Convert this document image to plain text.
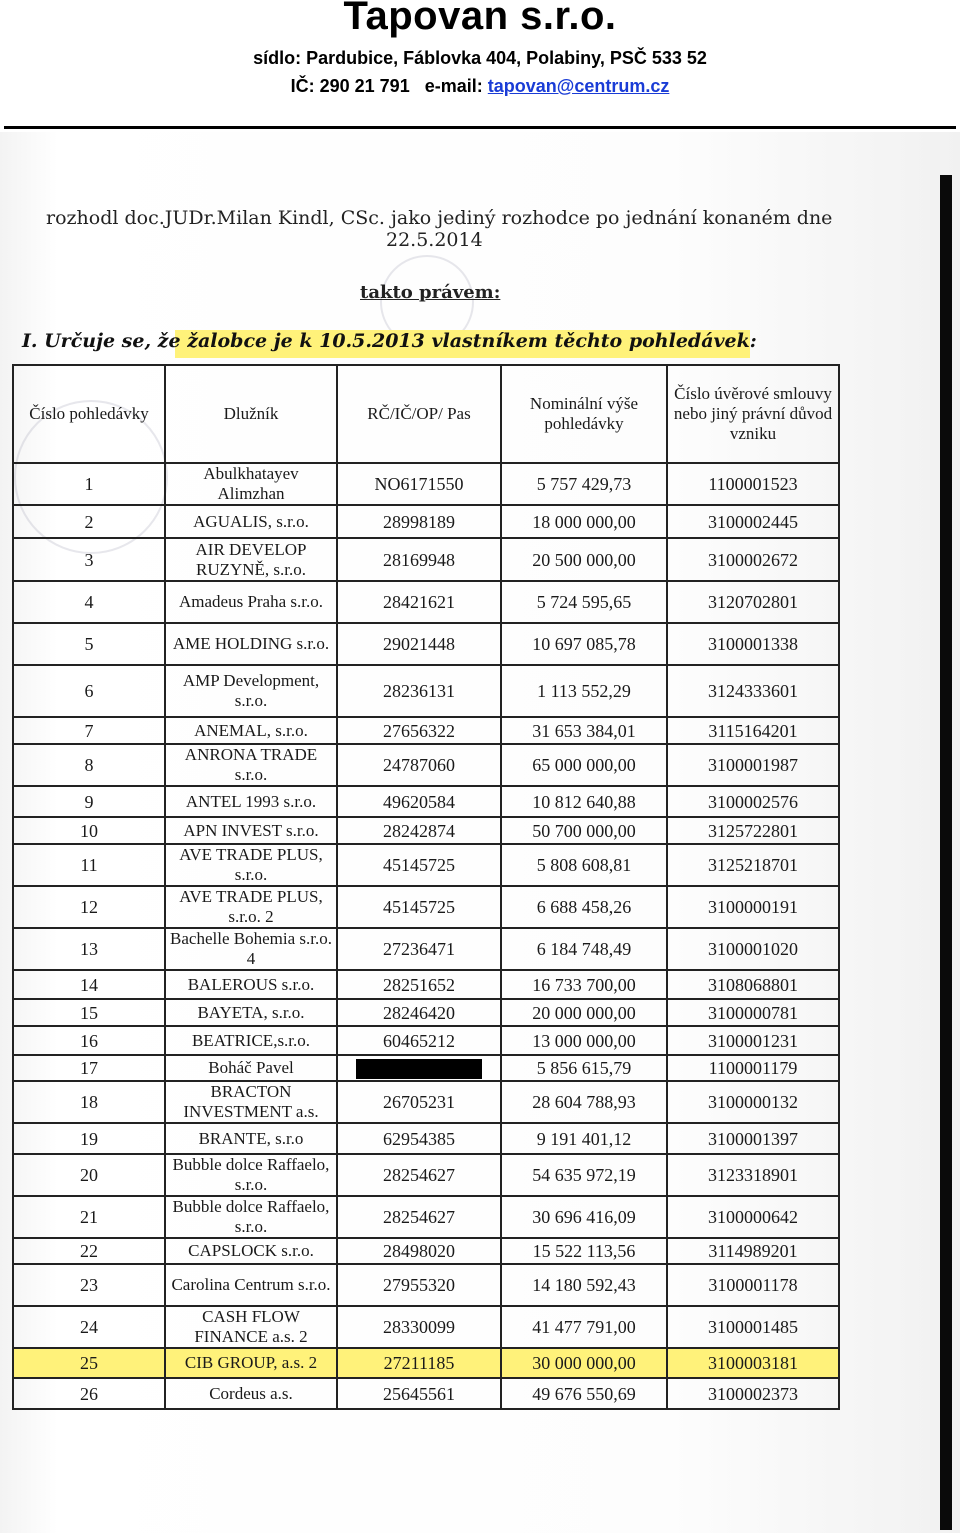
Tapovan s.r.o.
sídlo: Pardubice, Fáblovka 404, Polabiny, PSČ 533 52
IČ: 290 21 791 e-mail: tapovan@centrum.cz
rozhodl doc.JUDr.Milan Kindl, CSc. jako jediný rozhodce po jednání konaném dne
22.5.2014
takto právem:
I. Určuje se, že žalobce je k 10.5.2013 vlastníkem těchto pohledávek:
Číslo pohledávky	Dlužník	RČ/IČ/OP/ Pas	Nominální výše pohledávky	Číslo úvěrové smlouvy nebo jiný právní důvod vzniku
1	Abulkhatayev Alimzhan	NO6171550	5 757 429,73	1100001523
2	AGUALIS, s.r.o.	28998189	18 000 000,00	3100002445
3	AIR DEVELOP RUZYNĚ, s.r.o.	28169948	20 500 000,00	3100002672
4	Amadeus Praha s.r.o.	28421621	5 724 595,65	3120702801
5	AME HOLDING s.r.o.	29021448	10 697 085,78	3100001338
6	AMP Development, s.r.o.	28236131	1 113 552,29	3124333601
7	ANEMAL, s.r.o.	27656322	31 653 384,01	3115164201
8	ANRONA TRADE s.r.o.	24787060	65 000 000,00	3100001987
9	ANTEL 1993 s.r.o.	49620584	10 812 640,88	3100002576
10	APN INVEST s.r.o.	28242874	50 700 000,00	3125722801
11	AVE TRADE PLUS, s.r.o.	45145725	5 808 608,81	3125218701
12	AVE TRADE PLUS, s.r.o. 2	45145725	6 688 458,26	3100000191
13	Bachelle Bohemia s.r.o. 4	27236471	6 184 748,49	3100001020
14	BALEROUS s.r.o.	28251652	16 733 700,00	3108068801
15	BAYETA, s.r.o.	28246420	20 000 000,00	3100000781
16	BEATRICE,s.r.o.	60465212	13 000 000,00	3100001231
17	Boháč Pavel		5 856 615,79	1100001179
18	BRACTON INVESTMENT a.s.	26705231	28 604 788,93	3100000132
19	BRANTE, s.r.o	62954385	9 191 401,12	3100001397
20	Bubble dolce Raffaelo, s.r.o.	28254627	54 635 972,19	3123318901
21	Bubble dolce Raffaelo, s.r.o.	28254627	30 696 416,09	3100000642
22	CAPSLOCK s.r.o.	28498020	15 522 113,56	3114989201
23	Carolina Centrum s.r.o.	27955320	14 180 592,43	3100001178
24	CASH FLOW FINANCE a.s. 2	28330099	41 477 791,00	3100001485
25	CIB GROUP, a.s. 2	27211185	30 000 000,00	3100003181
26	Cordeus a.s.	25645561	49 676 550,69	3100002373
